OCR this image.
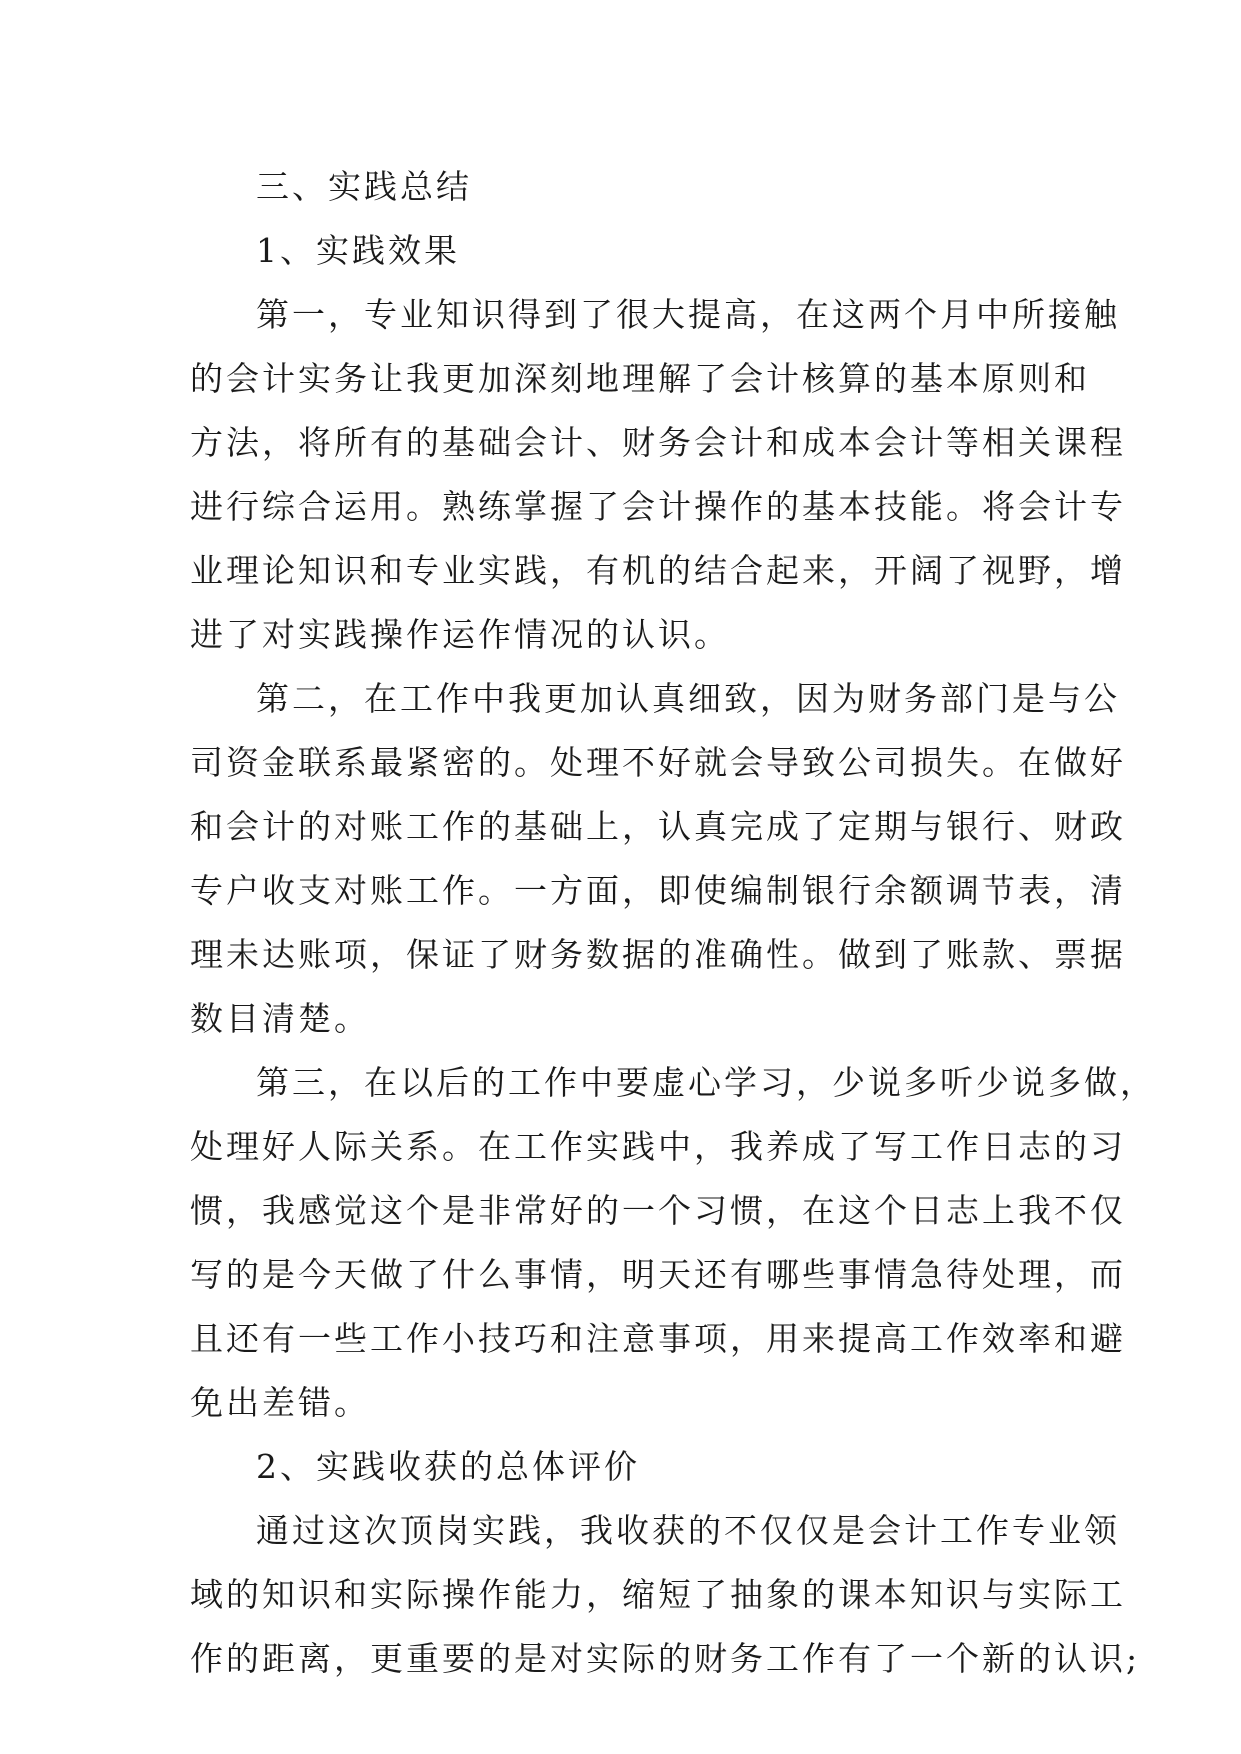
三、实践总结
1、实践效果
第一，专业知识得到了很大提高，在这两个月中所接触
的会计实务让我更加深刻地理解了会计核算的基本原则和
方法，将所有的基础会计、财务会计和成本会计等相关课程
进行综合运用。熟练掌握了会计操作的基本技能。将会计专
业理论知识和专业实践，有机的结合起来，开阔了视野，增
进了对实践操作运作情况的认识。
第二，在工作中我更加认真细致，因为财务部门是与公
司资金联系最紧密的。处理不好就会导致公司损失。在做好
和会计的对账工作的基础上，认真完成了定期与银行、财政
专户收支对账工作。一方面，即使编制银行余额调节表，清
理未达账项，保证了财务数据的准确性。做到了账款、票据
数目清楚。
第三，在以后的工作中要虚心学习，少说多听少说多做，
处理好人际关系。在工作实践中，我养成了写工作日志的习
惯，我感觉这个是非常好的一个习惯，在这个日志上我不仅
写的是今天做了什么事情，明天还有哪些事情急待处理，而
且还有一些工作小技巧和注意事项，用来提高工作效率和避
免出差错。
2、实践收获的总体评价
通过这次顶岗实践，我收获的不仅仅是会计工作专业领
域的知识和实际操作能力，缩短了抽象的课本知识与实际工
作的距离，更重要的是对实际的财务工作有了一个新的认识;
